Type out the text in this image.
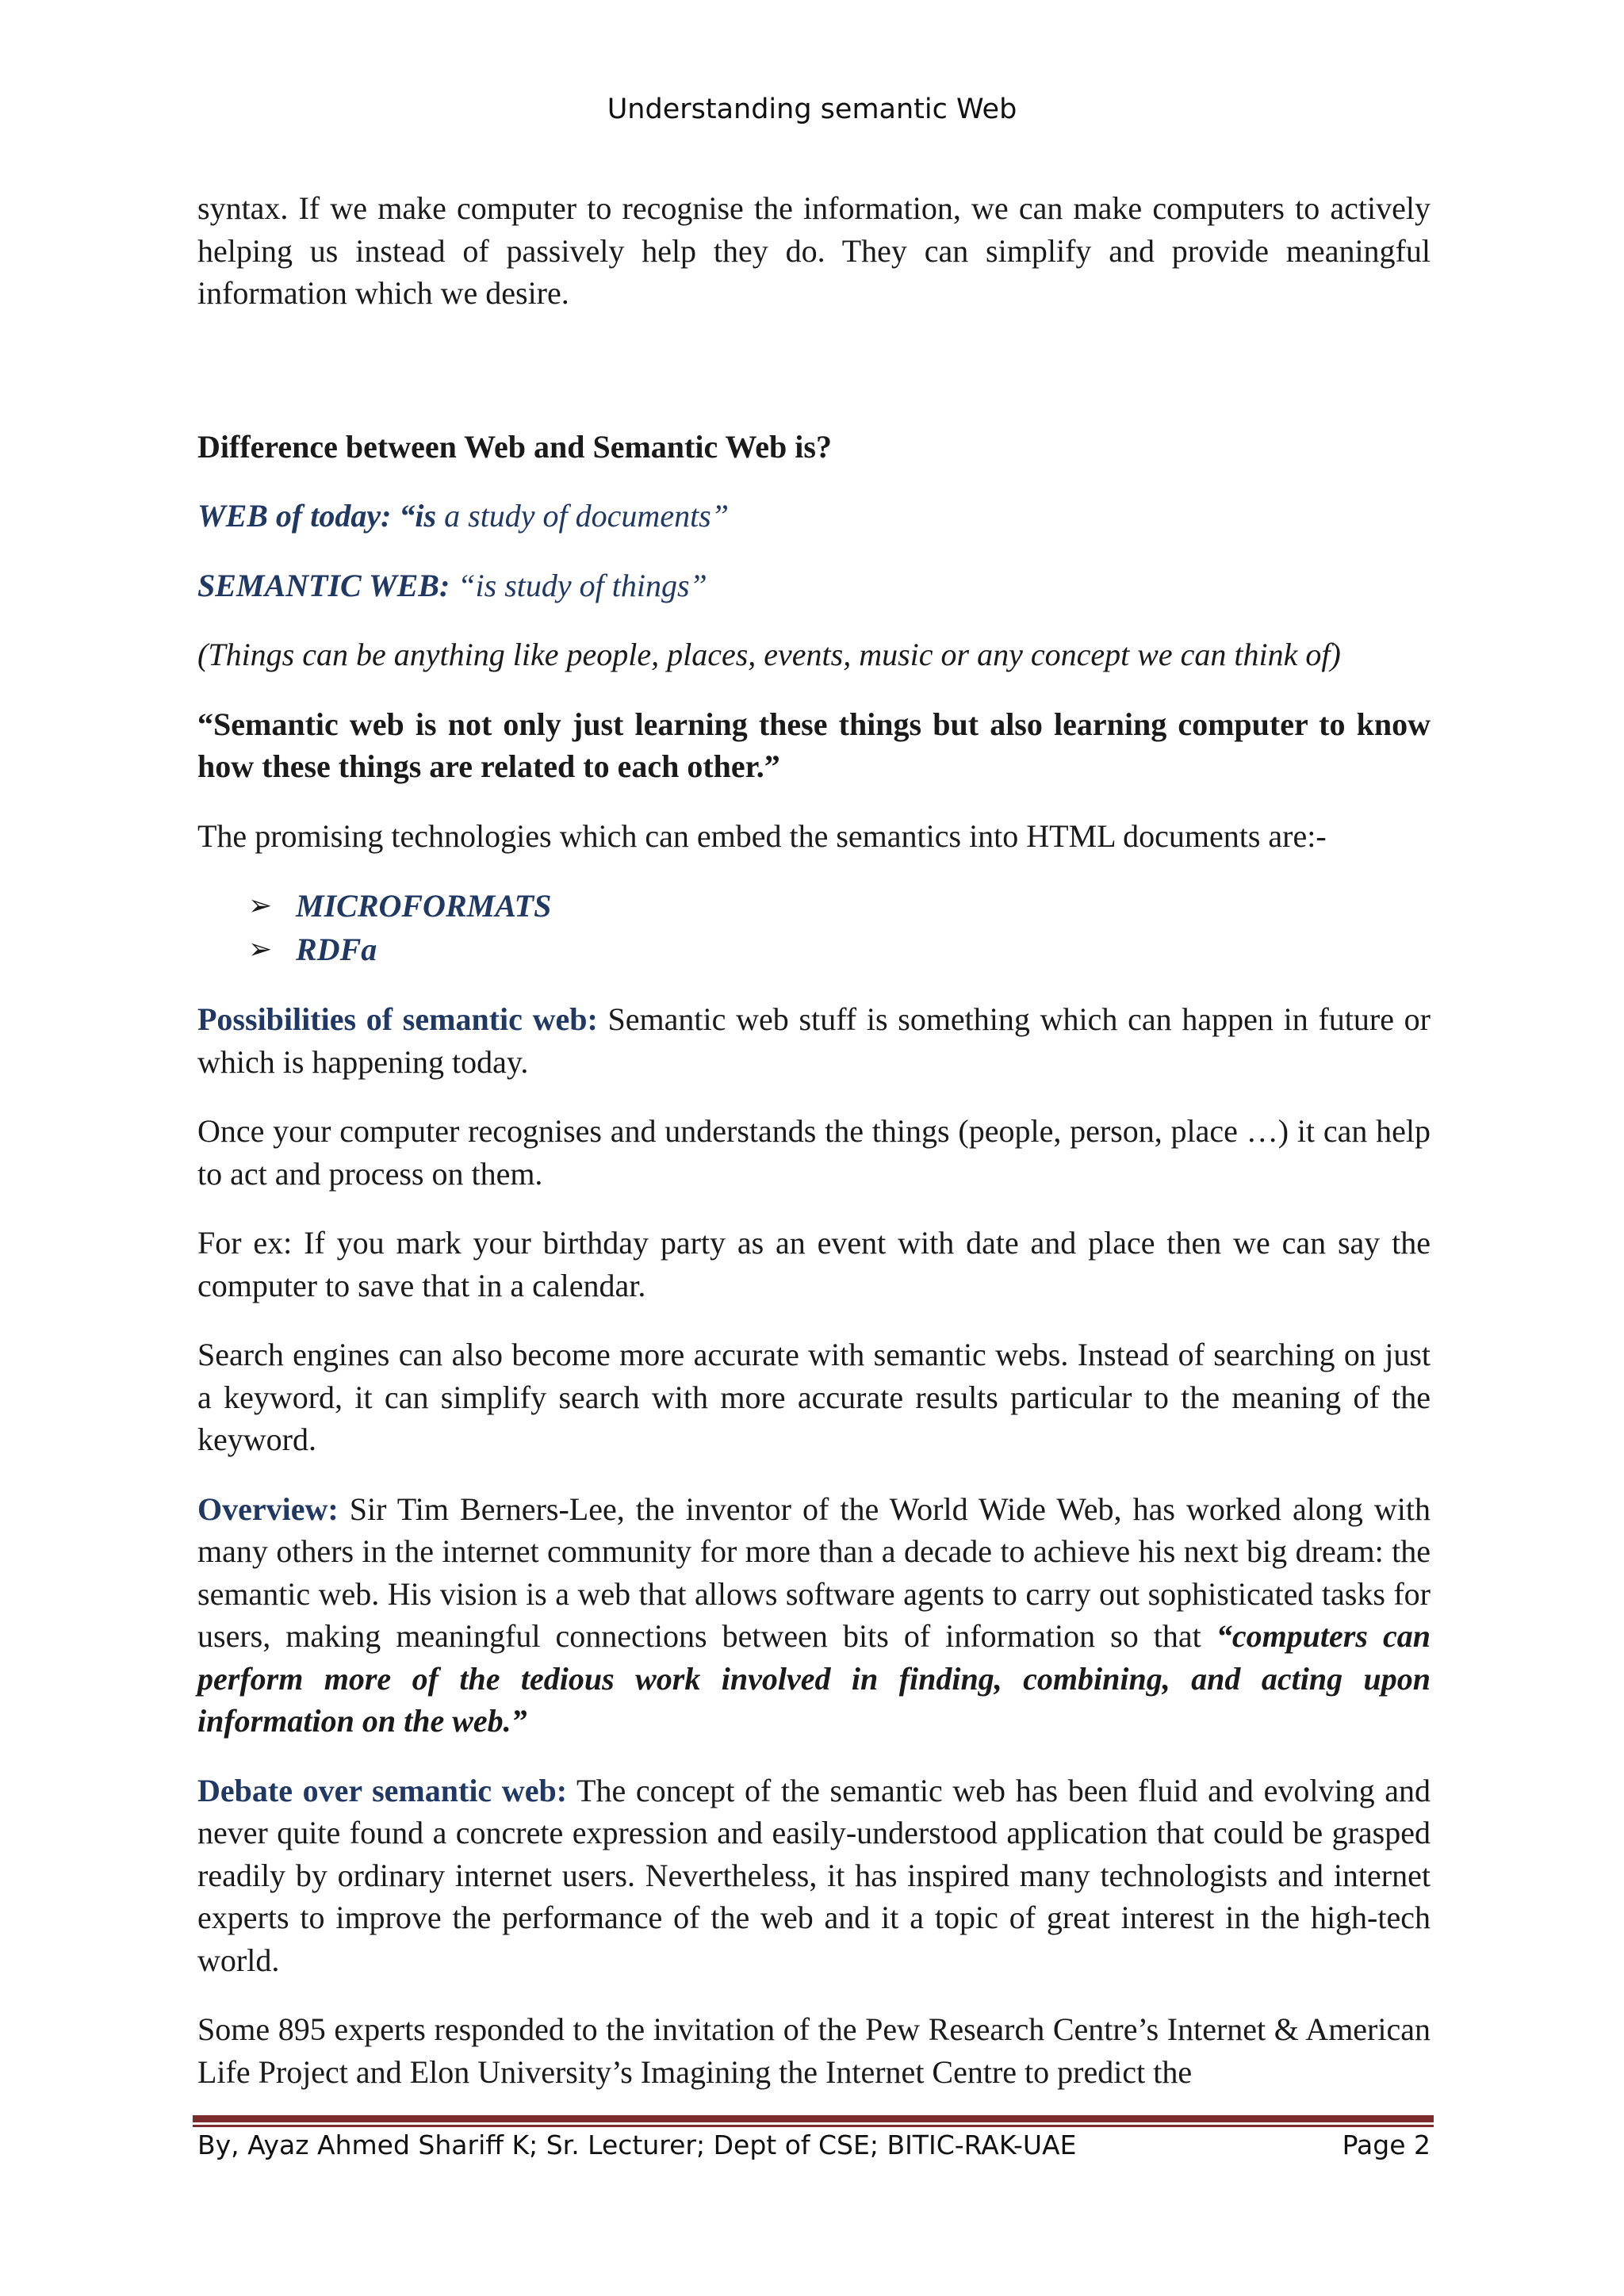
Understanding semantic Web

syntax. If we make computer to recognise the information, we can make computers to actively helping us instead of passively help they do. They can simplify and provide meaningful information which we desire.

Difference between Web and Semantic Web is?

WEB of today: “is a study of documents”

SEMANTIC WEB: “is study of things”

(Things can be anything like people, places, events, music or any concept we can think of)

“Semantic web is not only just learning these things but also learning computer to know how these things are related to each other.”

The promising technologies which can embed the semantics into HTML documents are:-

➢ MICROFORMATS
➢ RDFa

Possibilities of semantic web: Semantic web stuff is something which can happen in future or which is happening today.

Once your computer recognises and understands the things (people, person, place …) it can help to act and process on them.

For ex: If you mark your birthday party as an event with date and place then we can say the computer to save that in a calendar.

Search engines can also become more accurate with semantic webs. Instead of searching on just a keyword, it can simplify search with more accurate results particular to the meaning of the keyword.

Overview: Sir Tim Berners-Lee, the inventor of the World Wide Web, has worked along with many others in the internet community for more than a decade to achieve his next big dream: the semantic web. His vision is a web that allows software agents to carry out sophisticated tasks for users, making meaningful connections between bits of information so that “computers can perform more of the tedious work involved in finding, combining, and acting upon information on the web.”

Debate over semantic web: The concept of the semantic web has been fluid and evolving and never quite found a concrete expression and easily-understood application that could be grasped readily by ordinary internet users. Nevertheless, it has inspired many technologists and internet experts to improve the performance of the web and it a topic of great interest in the high-tech world.

Some 895 experts responded to the invitation of the Pew Research Centre’s Internet & American Life Project and Elon University’s Imagining the Internet Centre to predict the

By, Ayaz Ahmed Shariff K; Sr. Lecturer; Dept of CSE; BITIC-RAK-UAE	Page 2
